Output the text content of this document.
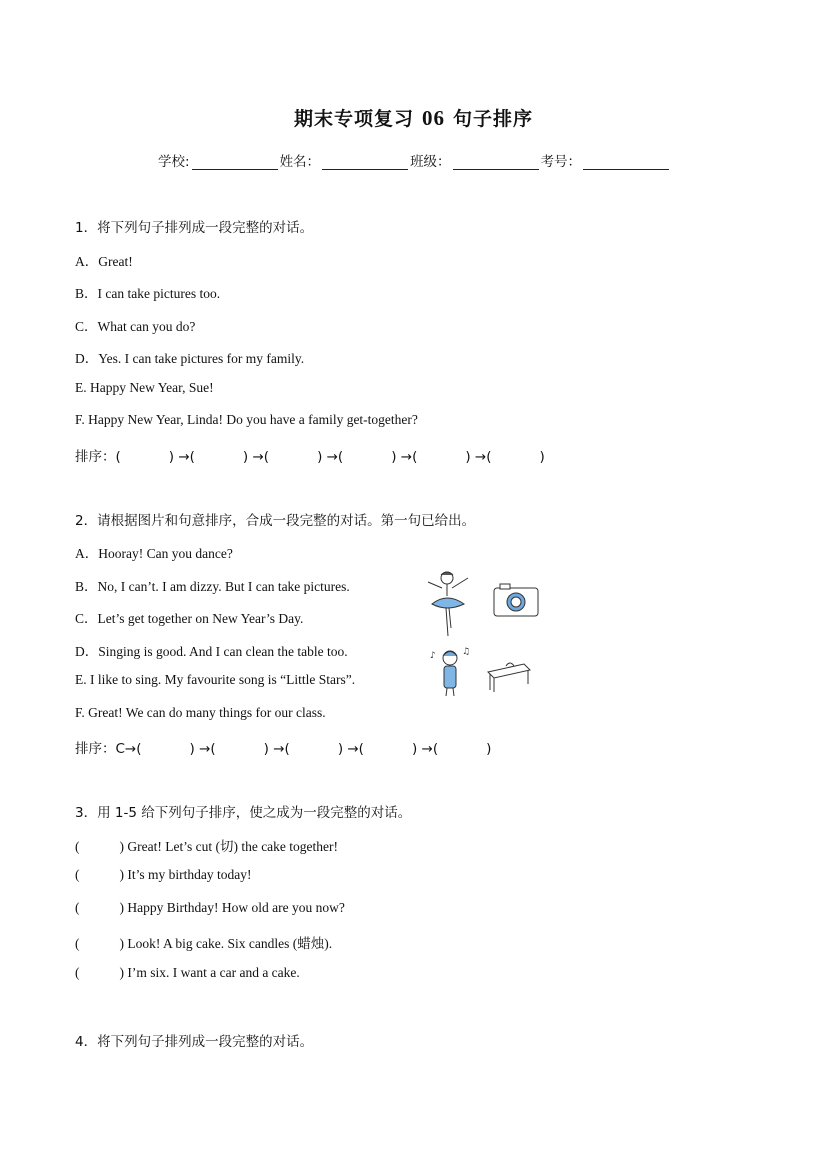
期末专项复习 06 句子排序
学校:	姓名：	班级：	考号：
1．将下列句子排列成一段完整的对话。
A．Great!
B．I can take pictures too.
C．What can you do?
D．Yes. I can take pictures for my family.
E. Happy New Year, Sue!
F. Happy New Year, Linda! Do you have a family get-together?
排序：(	) →(	) →(	) →(	) →(	) →(	)
2．请根据图片和句意排序，合成一段完整的对话。第一句已给出。
A．Hooray! Can you dance?
B．No, I can’t. I am dizzy. But I can take pictures.
C．Let’s get together on New Year’s Day.
D．Singing is good. And I can clean the table too.
E. I like to sing. My favourite song is “Little Stars”.
F. Great! We can do many things for our class.
排序：C→(	) →(	) →(	) →(	) →(	)
♪	♫
3．用 1-5 给下列句子排序，使之成为一段完整的对话。
(	) Great! Let’s cut (切) the cake together!
(	) It’s my birthday today!
(	) Happy Birthday! How old are you now?
(	) Look! A big cake. Six candles (蜡烛).
(	) I’m six. I want a car and a cake.
4．将下列句子排列成一段完整的对话。
